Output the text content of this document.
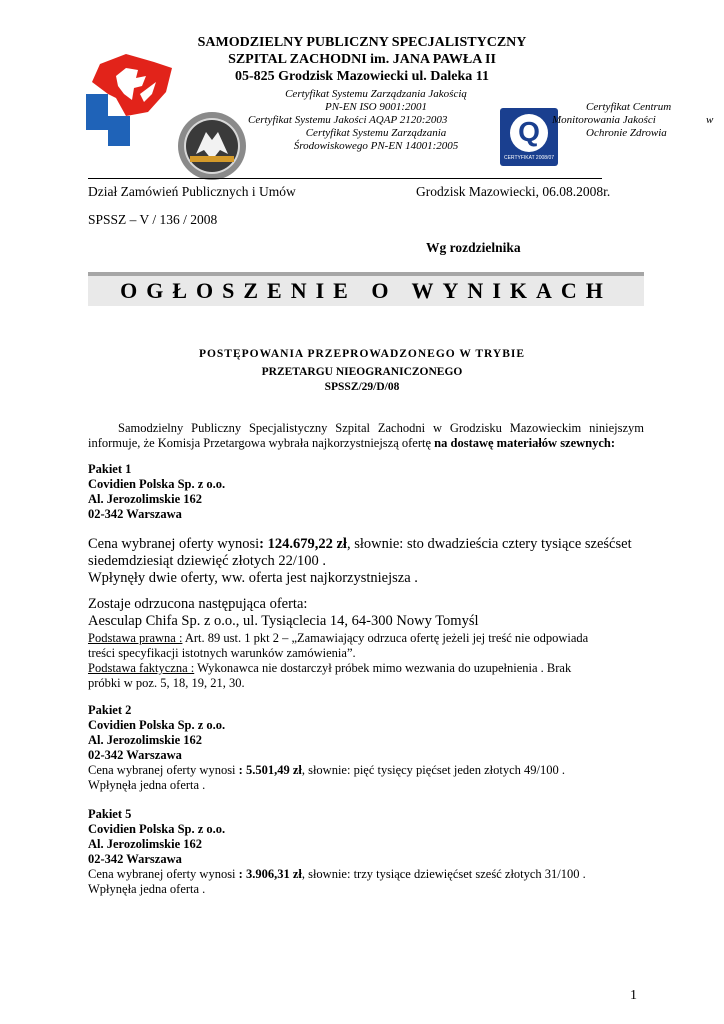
Q
CERTYFIKAT 2008/07
SAMODZIELNY PUBLICZNY SPECJALISTYCZNY
SZPITAL ZACHODNI im. JANA PAWŁA II
05-825 Grodzisk Mazowiecki ul. Daleka 11
Certyfikat Systemu Zarządzania Jakością
PN-EN ISO 9001:2001
Certyfikat Systemu Jakości AQAP 2120:2003
Certyfikat Systemu Zarządzania
Środowiskowego PN-EN 14001:2005
Certyfikat Centrum
Monitorowania Jakości	w
Ochronie Zdrowia
Dział Zamówień Publicznych i Umów	Grodzisk Mazowiecki, 06.08.2008r.
SPSSZ – V / 136 / 2008
Wg rozdzielnika
OGŁOSZENIE O WYNIKACH
POSTĘPOWANIA PRZEPROWADZONEGO W TRYBIE
PRZETARGU NIEOGRANICZONEGO
SPSSZ/29/D/08
Samodzielny Publiczny Specjalistyczny Szpital Zachodni w Grodzisku Mazowieckim niniejszym informuje, że Komisja Przetargowa wybrała najkorzystniejszą ofertę na dostawę materiałów szewnych:
Pakiet 1
Covidien Polska Sp. z o.o.
Al. Jerozolimskie 162
02-342 Warszawa
Cena wybranej oferty wynosi: 124.679,22 zł, słownie: sto dwadzieścia cztery tysiące sześćset
siedemdziesiąt dziewięć złotych 22/100 .
Wpłynęły dwie oferty, ww. oferta jest najkorzystniejsza .
Zostaje odrzucona następująca oferta:
Aesculap Chifa Sp. z o.o., ul. Tysiąclecia 14, 64-300 Nowy Tomyśl
Podstawa prawna : Art. 89 ust. 1 pkt 2 – „Zamawiający odrzuca ofertę jeżeli jej treść nie odpowiada
treści specyfikacji istotnych warunków zamówienia”.
Podstawa faktyczna : Wykonawca nie dostarczył próbek mimo wezwania do uzupełnienia . Brak
próbki w poz. 5, 18, 19, 21, 30.
Pakiet 2
Covidien Polska Sp. z o.o.
Al. Jerozolimskie 162
02-342 Warszawa
Cena wybranej oferty wynosi : 5.501,49 zł, słownie: pięć tysięcy pięćset jeden złotych 49/100 .
Wpłynęła jedna oferta .
Pakiet 5
Covidien Polska Sp. z o.o.
Al. Jerozolimskie 162
02-342 Warszawa
Cena wybranej oferty wynosi : 3.906,31 zł, słownie: trzy tysiące dziewięćset sześć złotych 31/100 .
Wpłynęła jedna oferta .
1
